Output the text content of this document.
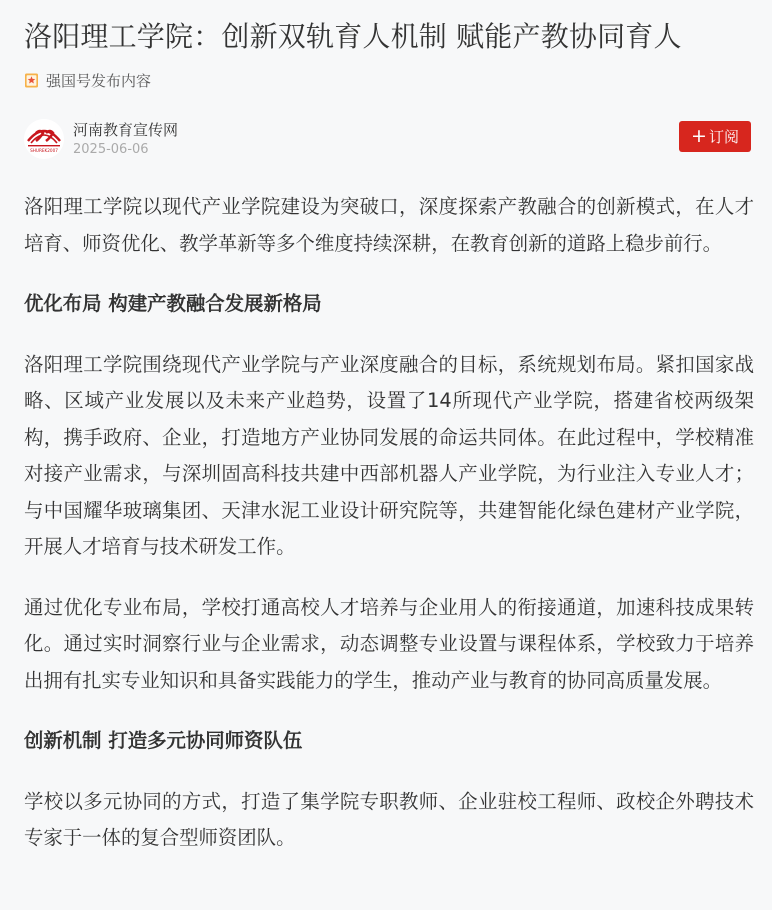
洛阳理工学院：创新双轨育人机制 赋能产教协同育人
强国号发布内容
SHUREK2007
河南教育宣传网
2025-06-06
+ 订阅

洛阳理工学院以现代产业学院建设为突破口，深度探索产教融合的创新模式，在人才培育、师资优化、教学革新等多个维度持续深耕，在教育创新的道路上稳步前行。

优化布局 构建产教融合发展新格局

洛阳理工学院围绕现代产业学院与产业深度融合的目标，系统规划布局。紧扣国家战略、区域产业发展以及未来产业趋势，设置了14所现代产业学院，搭建省校两级架构，携手政府、企业，打造地方产业协同发展的命运共同体。在此过程中，学校精准对接产业需求，与深圳固高科技共建中西部机器人产业学院，为行业注入专业人才；与中国耀华玻璃集团、天津水泥工业设计研究院等，共建智能化绿色建材产业学院，开展人才培育与技术研发工作。

通过优化专业布局，学校打通高校人才培养与企业用人的衔接通道，加速科技成果转化。通过实时洞察行业与企业需求，动态调整专业设置与课程体系，学校致力于培养出拥有扎实专业知识和具备实践能力的学生，推动产业与教育的协同高质量发展。

创新机制 打造多元协同师资队伍

学校以多元协同的方式，打造了集学院专职教师、企业驻校工程师、政校企外聘技术专家于一体的复合型师资团队。
